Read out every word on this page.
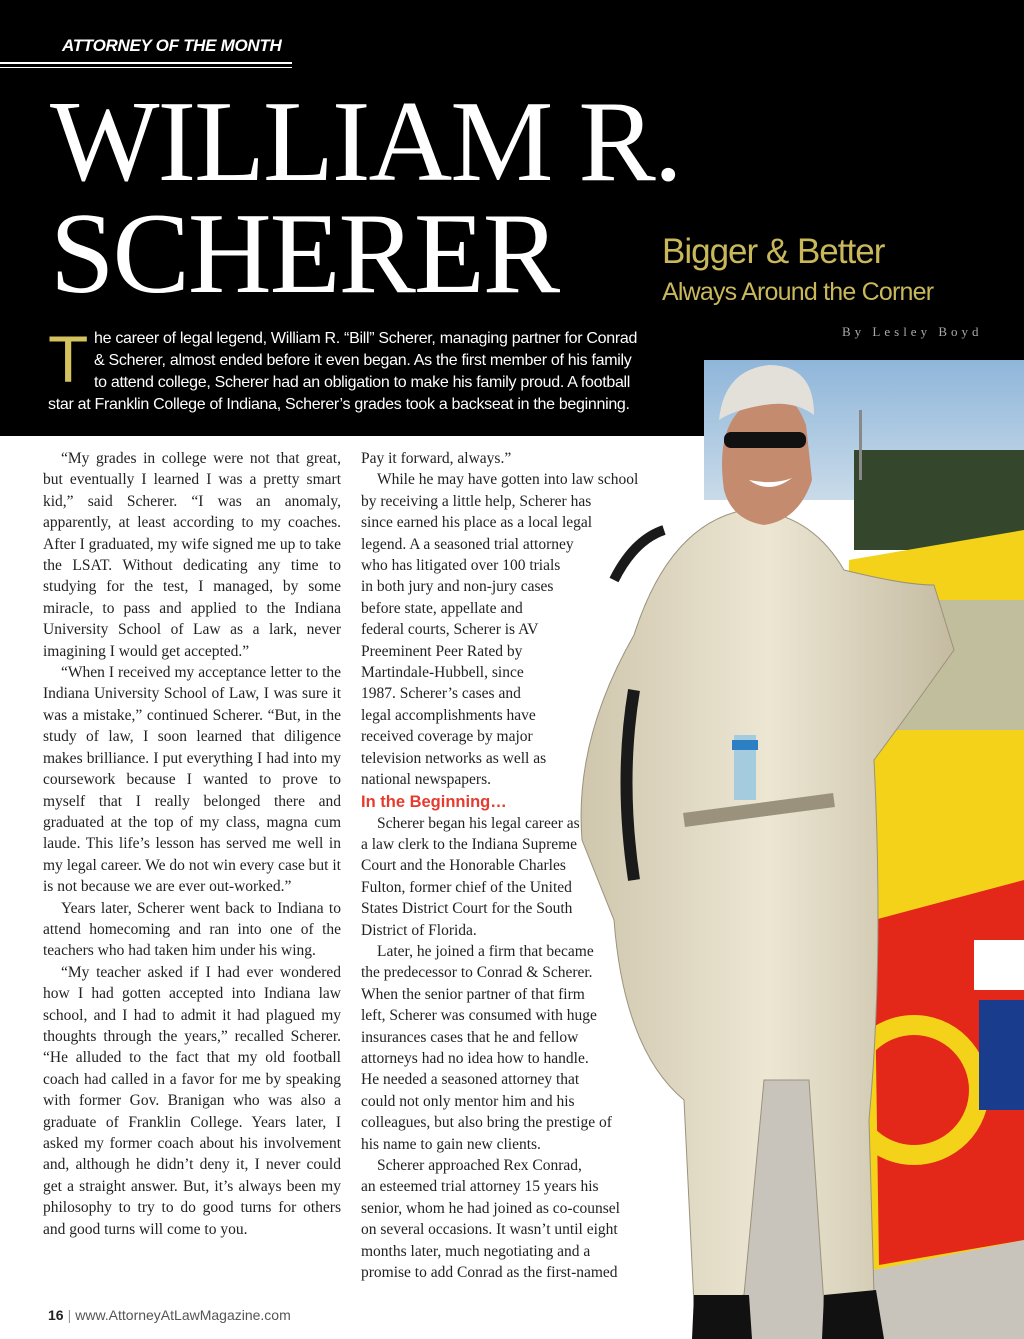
ATTORNEY OF THE MONTH
WILLIAM R.
SCHERER	Bigger & Better
Always Around the Corner
By Lesley Boyd
T he career of legal legend, William R. “Bill” Scherer, managing partner for Conrad
& Scherer, almost ended before it even began. As the first member of his family
to attend college, Scherer had an obligation to make his family proud. A football
star at Franklin College of Indiana, Scherer’s grades took a backseat in the beginning.

“My grades in college were not that great, but eventually I learned I was a pretty smart kid,” said Scherer. “I was an anomaly, apparently, at least according to my coaches. After I graduated, my wife signed me up to take the LSAT. Without dedicating any time to studying for the test, I managed, by some miracle, to pass and applied to the Indiana University School of Law as a lark, never imagining I would get accepted.”

“When I received my acceptance letter to the Indiana University School of Law, I was sure it was a mistake,” continued Scherer. “But, in the study of law, I soon learned that diligence makes brilliance. I put everything I had into my coursework because I wanted to prove to myself that I really belonged there and graduated at the top of my class, magna cum laude. This life’s lesson has served me well in my legal career. We do not win every case but it is not because we are ever out-worked.”

Years later, Scherer went back to Indiana to attend homecoming and ran into one of the teachers who had taken him under his wing.

“My teacher asked if I had ever wondered how I had gotten accepted into Indiana law school, and I had to admit it had plagued my thoughts through the years,” recalled Scherer. “He alluded to the fact that my old football coach had called in a favor for me by speaking with former Gov. Branigan who was also a graduate of Franklin College. Years later, I asked my former coach about his involvement and, although he didn’t deny it, I never could get a straight answer. But, it’s always been my philosophy to try to do good turns for others and good turns will come to you.

Pay it forward, always.”
While he may have gotten into law school
by receiving a little help, Scherer has
since earned his place as a local legal
legend. A a seasoned trial attorney
who has litigated over 100 trials
in both jury and non-jury cases
before state, appellate and
federal courts, Scherer is AV
Preeminent Peer Rated by
Martindale-Hubbell, since
1987. Scherer’s cases and
legal accomplishments have
received coverage by major
television networks as well as
national newspapers.
In the Beginning…
Scherer began his legal career as
a law clerk to the Indiana Supreme
Court and the Honorable Charles
Fulton, former chief of the United
States District Court for the South
District of Florida.
Later, he joined a firm that became
the predecessor to Conrad & Scherer.
When the senior partner of that firm
left, Scherer was consumed with huge
insurances cases that he and fellow
attorneys had no idea how to handle.
He needed a seasoned attorney that
could not only mentor him and his
colleagues, but also bring the prestige of
his name to gain new clients.
Scherer approached Rex Conrad,
an esteemed trial attorney 15 years his
senior, whom he had joined as co-counsel
on several occasions. It wasn’t until eight
months later, much negotiating and a
promise to add Conrad as the first-named
16 | www.AttorneyAtLawMagazine.com
